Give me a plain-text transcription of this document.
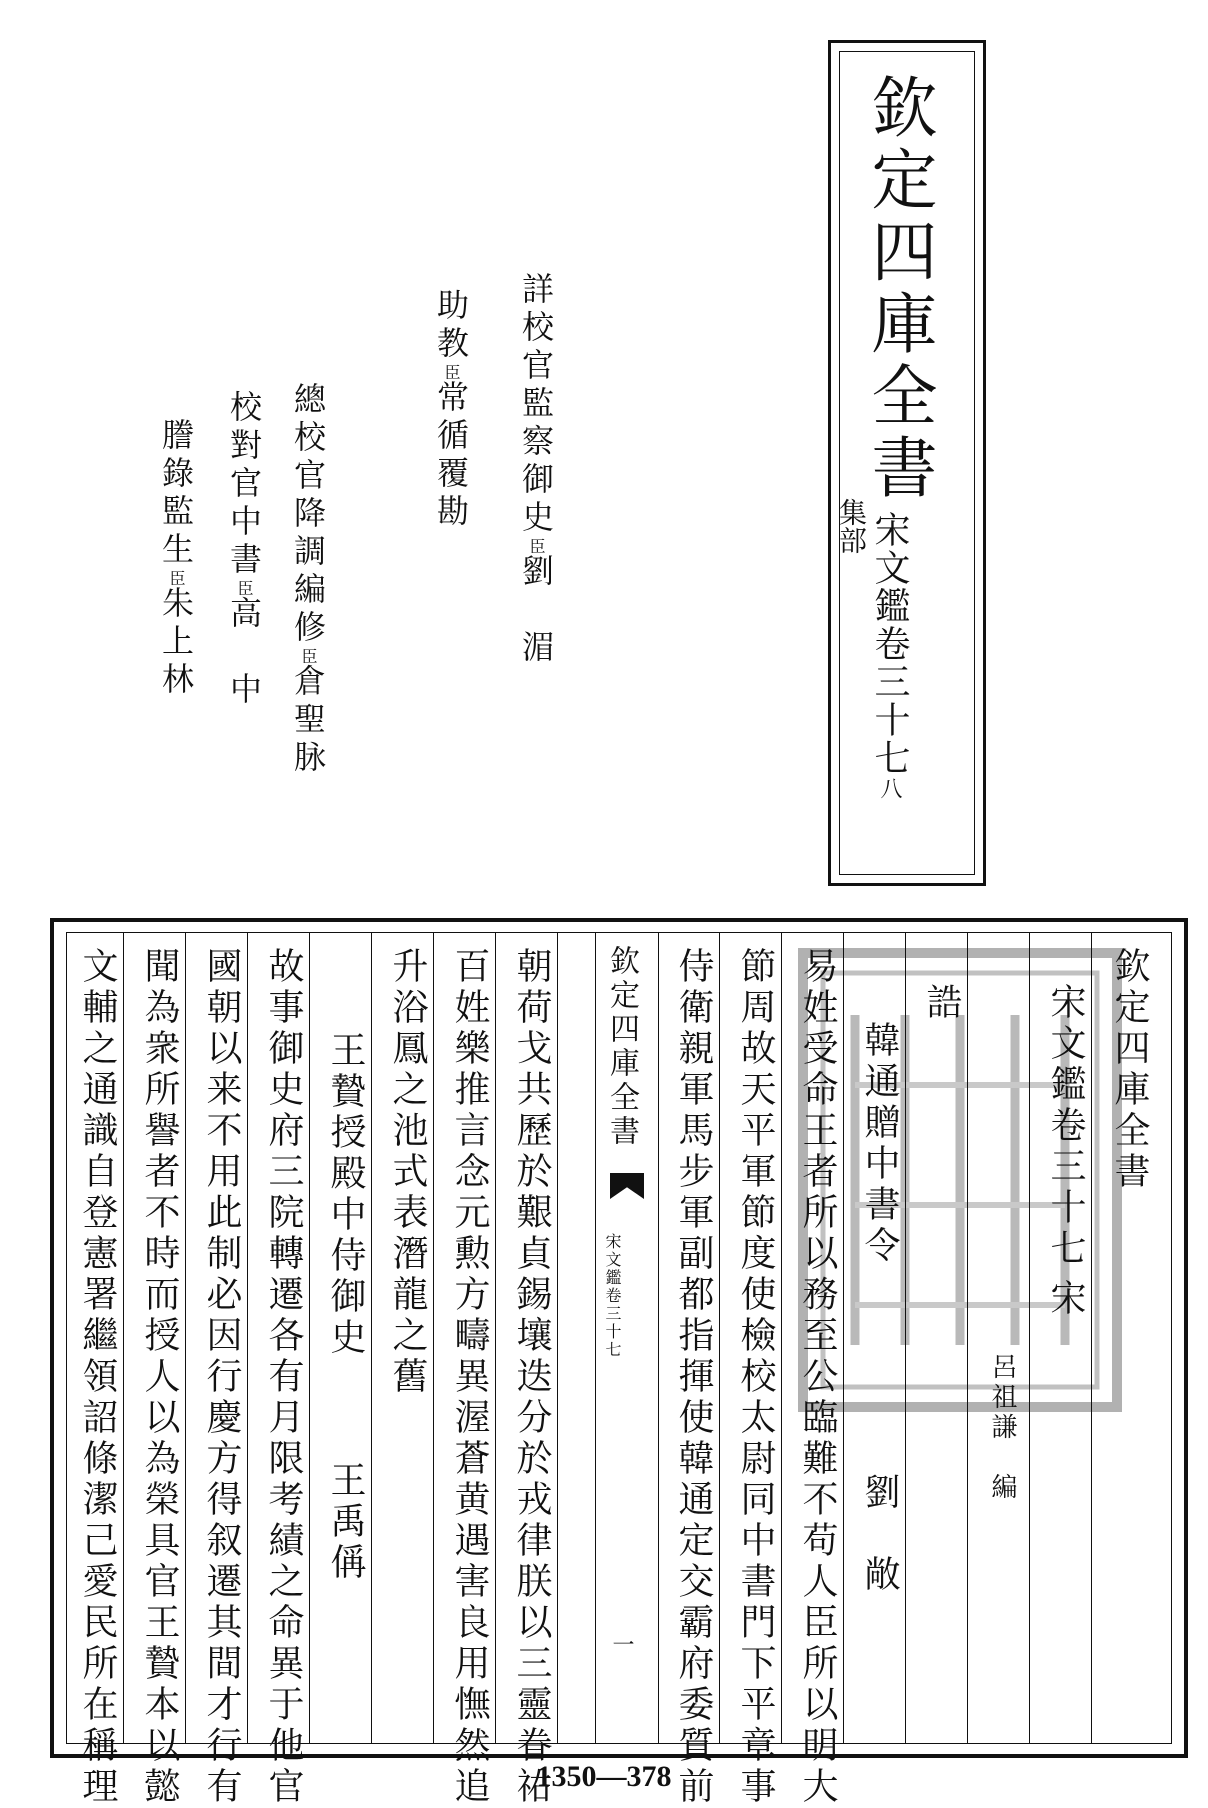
欽定四庫全書
宋文鑑卷三十七八
集部
詳校官監察御史臣劉　湄
助教臣常循覆勘
總校官降調編修臣倉聖脉
校對官中書臣高　中
謄錄監生臣朱上林
欽定四庫全書
宋文鑑卷三十七
宋
呂祖謙　編
誥
韓通贈中書令
劉　敞
易姓受命王者所以務至公臨難不苟人臣所以明大
節周故天平軍節度使檢校太尉同中書門下平章事
侍衛親軍馬步軍副都指揮使韓通定交霸府委質前
欽定四庫全書
宋文鑑卷三十七
一
朝荷戈共歷於艱貞錫壤迭分於戎律朕以三靈眷祐
百姓樂推言念元勲方疇異渥蒼黄遇害良用憮然追
升浴鳳之池式表潛龍之舊
王贄授殿中侍御史
王禹偁
故事御史府三院轉遷各有月限考績之命異于他官
國朝以来不用此制必因行慶方得叙遷其間才行有
聞為衆所譽者不時而授人以為榮具官王贄本以懿
文輔之通識自登憲署繼領詔條潔己愛民所在稱理	1350—378
